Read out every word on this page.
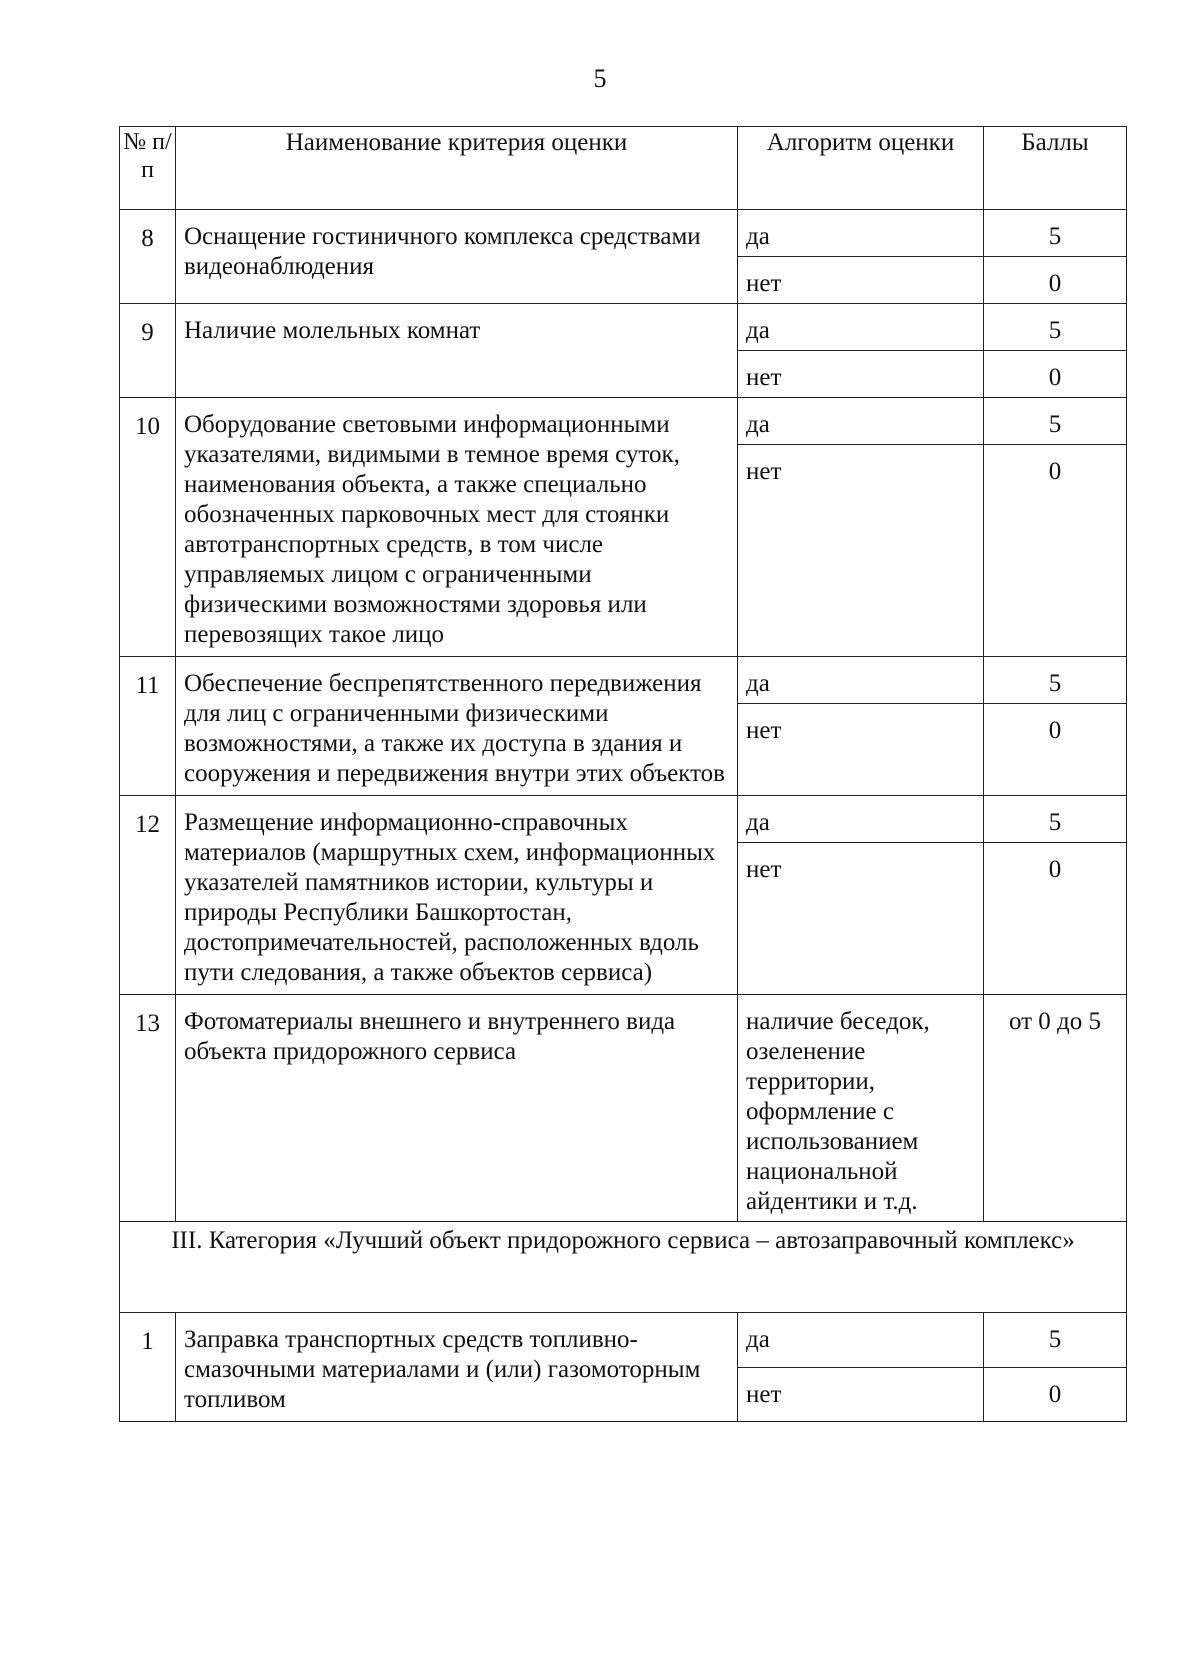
5
№ п/п	Наименование критерия оценки	Алгоритм оценки	Баллы
8	Оснащение гостиничного комплекса средствами видеонаблюдения	да	5
		нет	0
9	Наличие молельных комнат	да	5
		нет	0
10	Оборудование световыми информационными указателями, видимыми в темное время суток, наименования объекта, а также специально обозначенных парковочных мест для стоянки автотранспортных средств, в том числе управляемых лицом с ограниченными физическими возможностями здоровья или перевозящих такое лицо	да	5
		нет	0
11	Обеспечение беспрепятственного передвижения для лиц с ограниченными физическими возможностями, а также их доступа в здания и сооружения и передвижения внутри этих объектов	да	5
		нет	0
12	Размещение информационно-справочных материалов (маршрутных схем, информационных указателей памятников истории, культуры и природы Республики Башкортостан, достопримечательностей, расположенных вдоль пути следования, а также объектов сервиса)	да	5
		нет	0
13	Фотоматериалы внешнего и внутреннего вида объекта придорожного сервиса	наличие беседок, озеленение территории, оформление с использованием национальной айдентики и т.д.	от 0 до 5
III. Категория «Лучший объект придорожного сервиса – автозаправочный комплекс»			
1	Заправка транспортных средств топливно-смазочными материалами и (или) газомоторным топливом	да	5
		нет	0
